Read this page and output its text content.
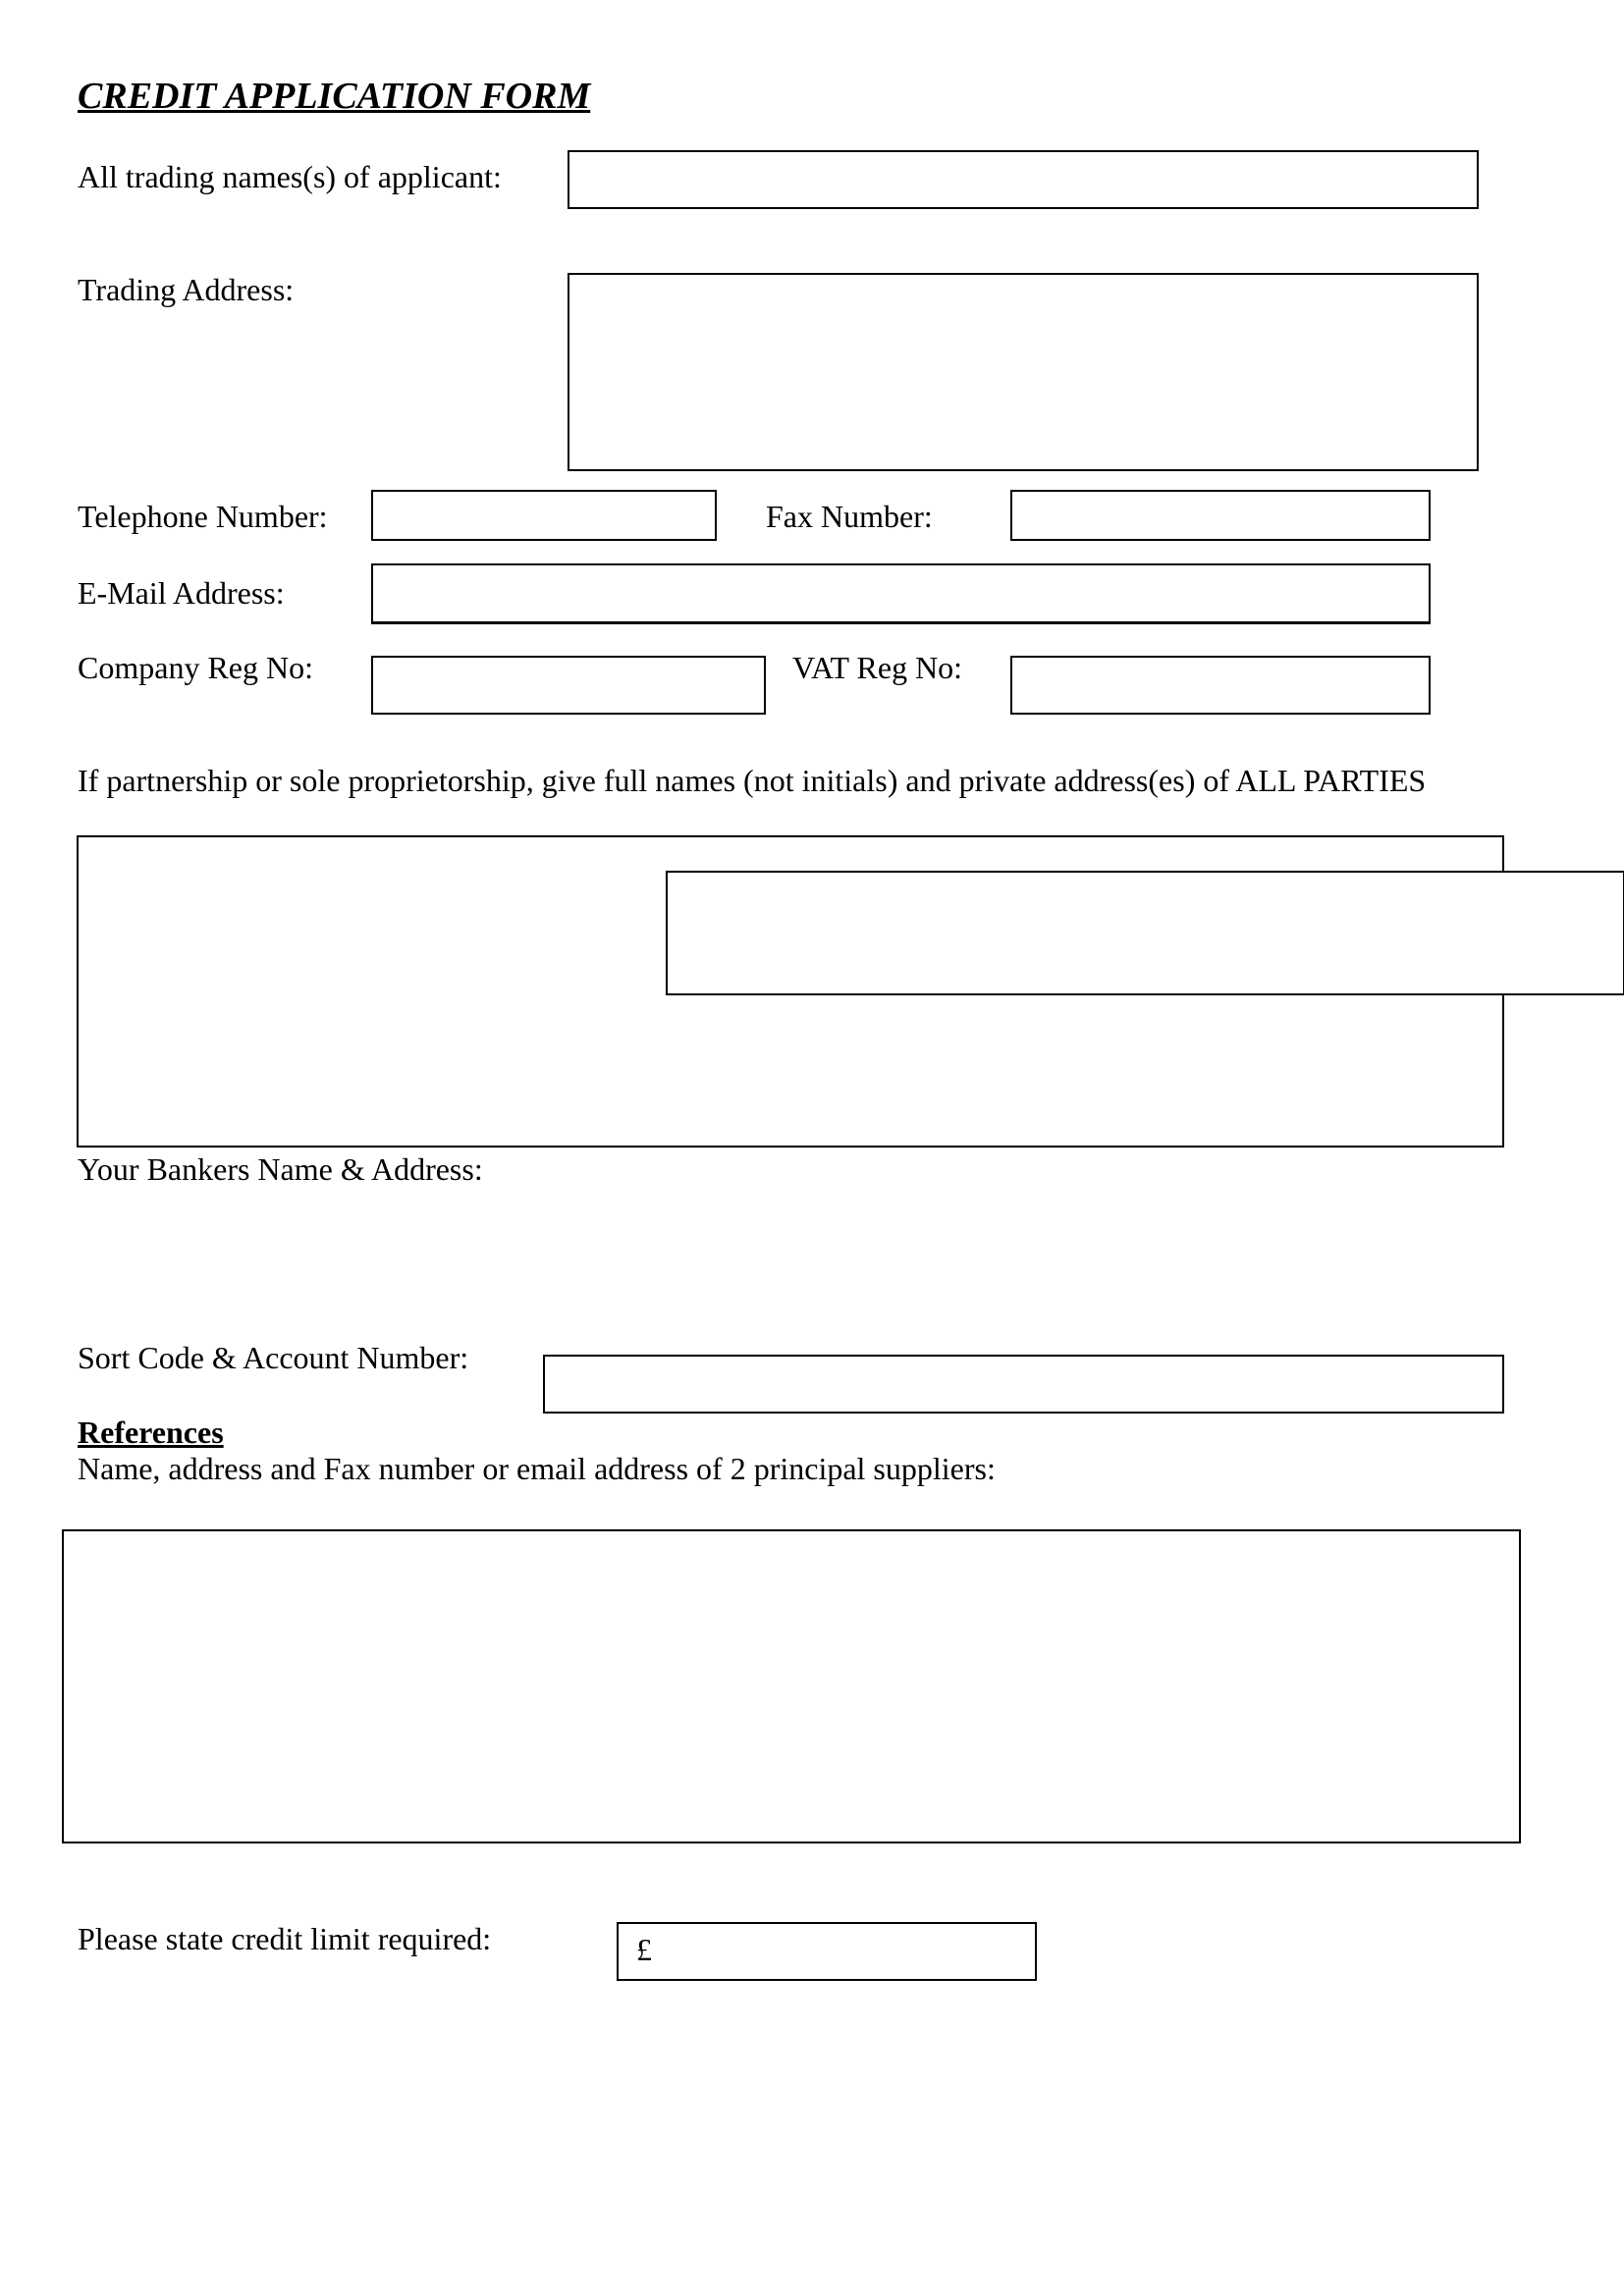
CREDIT APPLICATION FORM
All trading names(s) of applicant:
Trading Address:
Telephone Number:	Fax Number:
E-Mail Address:
Company Reg No:	VAT Reg No:
If partnership or sole proprietorship, give full names (not initials) and private address(es) of ALL PARTIES
Your Bankers Name & Address:
Sort Code & Account Number:
References
Name, address and Fax number or email address of 2 principal suppliers:
Please state credit limit required:	£
